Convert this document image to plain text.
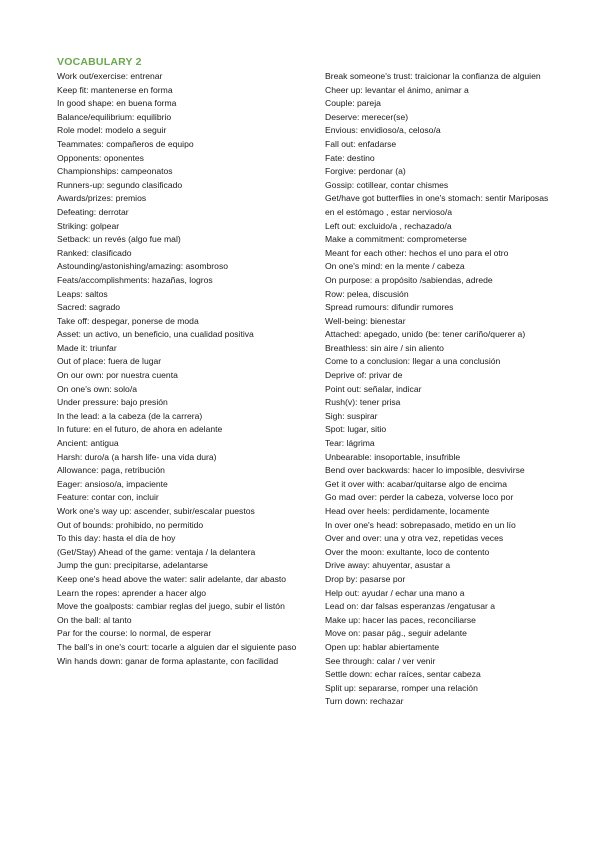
VOCABULARY 2

Work out/exercise: entrenar

Keep fit: mantenerse en forma

In good shape: en buena forma

Balance/equilibrium: equilibrio

Role model: modelo a seguir

Teammates: compañeros de equipo

Opponents: oponentes

Championships: campeonatos

Runners-up: segundo clasificado

Awards/prizes: premios

Defeating: derrotar

Striking: golpear

Setback: un revés (algo fue mal)

Ranked: clasificado

Astounding/astonishing/amazing: asombroso

Feats/accomplishments: hazañas, logros

Leaps: saltos

Sacred: sagrado

Take off: despegar, ponerse de moda

Asset: un activo, un beneficio, una cualidad positiva

Made it: triunfar

Out of place: fuera de lugar

On our own: por nuestra cuenta

On one's own: solo/a

Under pressure: bajo presión

In the lead: a la cabeza (de la carrera)

In future: en el futuro, de ahora en adelante

Ancient: antigua

Harsh: duro/a (a harsh life- una vida dura)

Allowance: paga, retribución

Eager: ansioso/a, impaciente

Feature: contar con, incluir

Work one's way up: ascender, subir/escalar puestos

Out of bounds: prohibido, no permitido

To this day: hasta el día de hoy

(Get/Stay) Ahead of the game: ventaja / la delantera

Jump the gun: precipitarse, adelantarse

Keep one's head above the water: salir adelante, dar abasto

Learn the ropes: aprender a hacer algo

Move the goalposts: cambiar reglas del juego, subir el listón

On the ball: al tanto

Par for the course: lo normal, de esperar

The ball's in one's court: tocarle a alguien dar el siguiente paso

Win hands down: ganar de forma aplastante, con facilidad

Break someone's trust: traicionar la confianza de alguien

Cheer up: levantar el ánimo, animar a

Couple: pareja

Deserve: merecer(se)

Envious: envidioso/a, celoso/a

Fall out: enfadarse

Fate: destino

Forgive: perdonar (a)

Gossip: cotillear, contar chismes

Get/have got butterflies in one's stomach: sentir Mariposas en el estómago , estar nervioso/a

Left out: excluido/a , rechazado/a

Make a commitment: comprometerse

Meant for each other: hechos el uno para el otro

On one's mind: en la mente / cabeza

On purpose: a propósito /sabiendas, adrede

Row: pelea, discusión

Spread rumours: difundir rumores

Well-being: bienestar

Attached: apegado, unido (be: tener cariño/querer a)

Breathless: sin aire / sin aliento

Come to a conclusion: llegar a una conclusión

Deprive of: privar de

Point out: señalar, indicar

Rush(v): tener prisa

Sigh: suspirar

Spot: lugar, sitio

Tear: lágrima

Unbearable: insoportable, insufrible

Bend over backwards: hacer lo imposible, desvivirse

Get it over with: acabar/quitarse algo de encima

Go mad over: perder la cabeza, volverse loco por

Head over heels: perdidamente, locamente

In over one's head: sobrepasado, metido en un lío

Over and over: una y otra vez, repetidas veces

Over the moon: exultante, loco de contento

Drive away: ahuyentar, asustar a

Drop by: pasarse por

Help out: ayudar / echar una mano a

Lead on: dar falsas esperanzas /engatusar a

Make up: hacer las paces, reconciliarse

Move on: pasar pág., seguir adelante

Open up: hablar abiertamente

See through: calar / ver venir

Settle down: echar raíces, sentar cabeza

Split up: separarse, romper una relación

Turn down: rechazar
